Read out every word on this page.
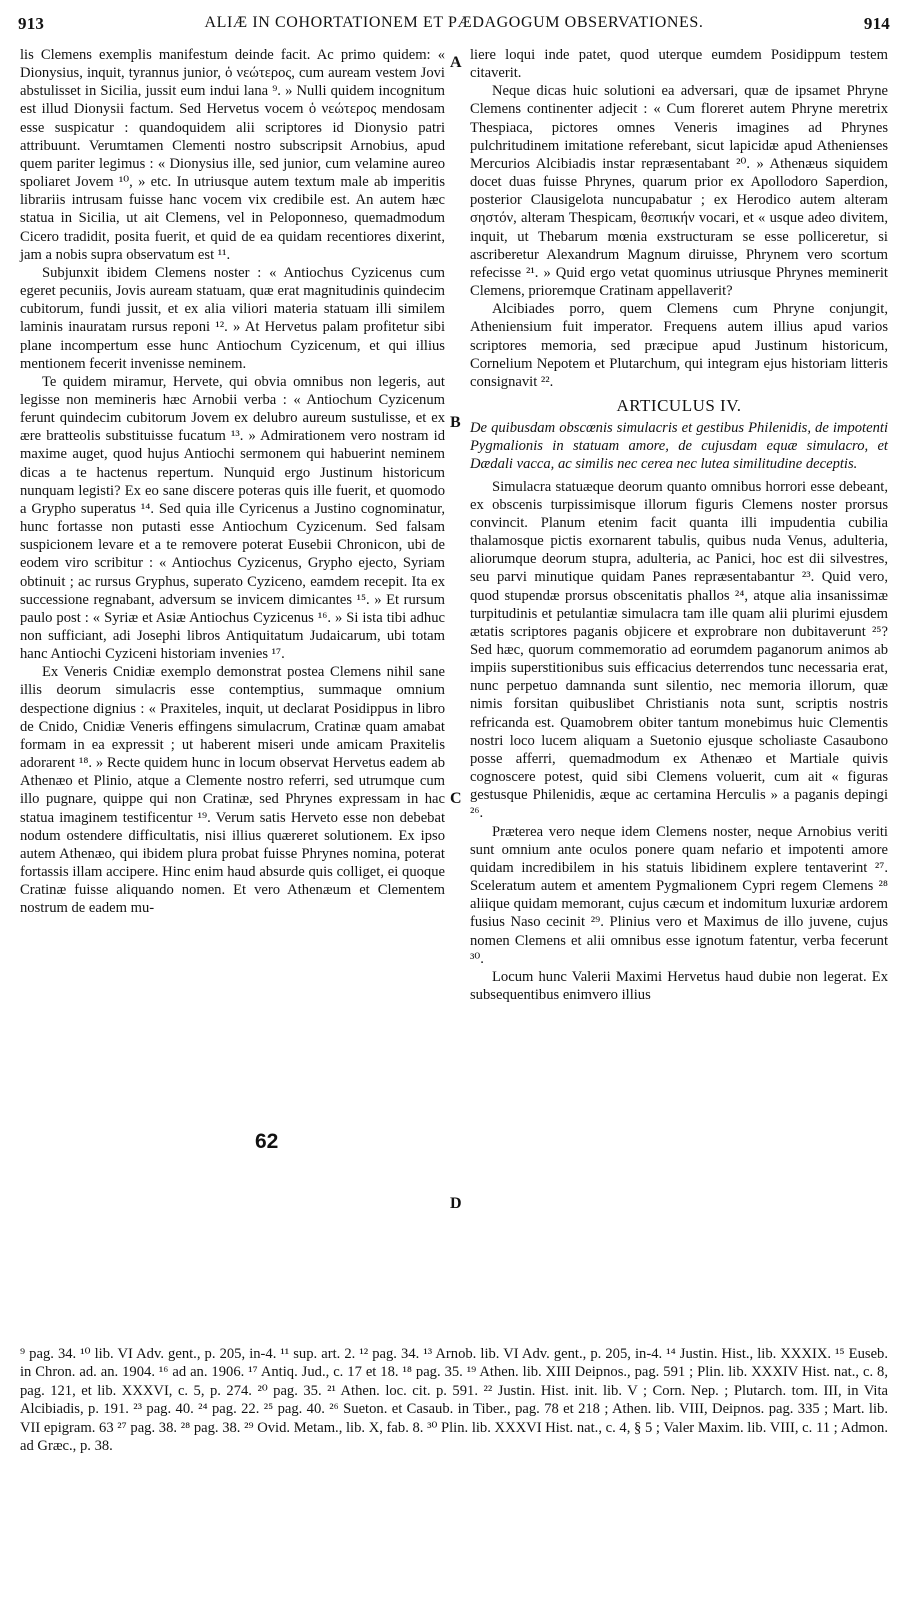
913	ALIÆ IN COHORTATIONEM ET PÆDAGOGUM OBSERVATIONES.	914

lis Clemens exemplis manifestum deinde facit. Ac primo quidem: « Dionysius, inquit, tyrannus junior, ὁ νεώτερος, cum auream vestem Jovi abstulisset in Sicilia, jussit eum indui lana ⁹. » Nulli quidem incognitum est illud Dionysii factum. Sed Hervetus vocem ὁ νεώτερος mendosam esse suspicatur : quandoquidem alii scriptores id Dionysio patri attribuunt. Verumtamen Clementi nostro subscripsit Arnobius, apud quem pariter legimus : « Dionysius ille, sed junior, cum velamine aureo spoliaret Jovem ¹⁰, » etc. In utriusque autem textum male ab imperitis librariis intrusam fuisse hanc vocem vix credibile est. An autem hæc statua in Sicilia, ut ait Clemens, vel in Peloponneso, quemadmodum Cicero tradidit, posita fuerit, et quid de ea quidam recentiores dixerint, jam a nobis supra observatum est ¹¹.

Subjunxit ibidem Clemens noster : « Antiochus Cyzicenus cum egeret pecuniis, Jovis auream statuam, quæ erat magnitudinis quindecim cubitorum, fundi jussit, et ex alia viliori materia statuam illi similem laminis inauratam rursus reponi ¹². » At Hervetus palam profitetur sibi plane incompertum esse hunc Antiochum Cyzicenum, et qui illius mentionem fecerit invenisse neminem.

Te quidem miramur, Hervete, qui obvia omnibus non legeris, aut legisse non memineris hæc Arnobii verba : « Antiochum Cyzicenum ferunt quindecim cubitorum Jovem ex delubro aureum sustulisse, et ex ære bratteolis substituisse fucatum ¹³. » Admirationem vero nostram id maxime auget, quod hujus Antiochi sermonem qui habuerint neminem dicas a te hactenus repertum. Nunquid ergo Justinum historicum nunquam legisti? Ex eo sane discere poteras quis ille fuerit, et quomodo a Grypho superatus ¹⁴. Sed quia ille Cyricenus a Justino cognominatur, hunc fortasse non putasti esse Antiochum Cyzicenum. Sed falsam suspicionem levare et a te removere poterat Eusebii Chronicon, ubi de eodem viro scribitur : « Antiochus Cyzicenus, Grypho ejecto, Syriam obtinuit ; ac rursus Gryphus, superato Cyziceno, eamdem recepit. Ita ex successione regnabant, adversum se invicem dimicantes ¹⁵. » Et rursum paulo post : « Syriæ et Asiæ Antiochus Cyzicenus ¹⁶. » Si ista tibi adhuc non sufficiant, adi Josephi libros Antiquitatum Judaicarum, ubi totam hanc Antiochi Cyziceni historiam invenies ¹⁷.

Ex Veneris Cnidiæ exemplo demonstrat postea Clemens nihil sane illis deorum simulacris esse contemptius, summaque omnium despectione dignius : « Praxiteles, inquit, ut declarat Posidippus in libro de Cnido, Cnidiæ Veneris effingens simulacrum, Cratinæ quam amabat formam in ea expressit ; ut haberent miseri unde amicam Praxitelis adorarent ¹⁸. » Recte quidem hunc in locum observat Hervetus eadem ab Athenæo et Plinio, atque a Clemente nostro referri, sed utrumque cum illo pugnare, quippe qui non Cratinæ, sed Phrynes expressam in hac statua imaginem testificentur ¹⁹. Verum satis Herveto esse non debebat nodum ostendere difficultatis, nisi illius quæreret solutionem. Ex ipso autem Athenæo, qui ibidem plura probat fuisse Phrynes nomina, poterat fortassis illam accipere. Hinc enim haud absurde quis colliget, ei quoque Cratinæ fuisse aliquando nomen. Et vero Athenæum et Clementem nostrum de eadem mu-

A
B
C
D
62

liere loqui inde patet, quod uterque eumdem Posidippum testem citaverit.

Neque dicas huic solutioni ea adversari, quæ de ipsamet Phryne Clemens continenter adjecit : « Cum floreret autem Phryne meretrix Thespiaca, pictores omnes Veneris imagines ad Phrynes pulchritudinem imitatione referebant, sicut lapicidæ apud Athenienses Mercurios Alcibiadis instar repræsentabant ²⁰. » Athenæus siquidem docet duas fuisse Phrynes, quarum prior ex Apollodoro Saperdion, posterior Clausigelota nuncupabatur ; ex Herodico autem alteram σηστόν, alteram Thespicam, θεσπικήν vocari, et « usque adeo divitem, inquit, ut Thebarum mœnia exstructuram se esse polliceretur, si ascriberetur Alexandrum Magnum diruisse, Phrynem vero scortum refecisse ²¹. » Quid ergo vetat quominus utriusque Phrynes meminerit Clemens, prioremque Cratinam appellaverit?

Alcibiades porro, quem Clemens cum Phryne conjungit, Atheniensium fuit imperator. Frequens autem illius apud varios scriptores memoria, sed præcipue apud Justinum historicum, Cornelium Nepotem et Plutarchum, qui integram ejus historiam litteris consignavit ²².

ARTICULUS IV.

De quibusdam obscœnis simulacris et gestibus Philenidis, de impotenti Pygmalionis in statuam amore, de cujusdam equæ simulacro, et Dædali vacca, ac similis nec cerea nec lutea similitudine deceptis.

Simulacra statuæque deorum quanto omnibus horrori esse debeant, ex obscenis turpissimisque illorum figuris Clemens noster prorsus convincit. Planum etenim facit quanta illi impudentia cubilia thalamosque pictis exornarent tabulis, quibus nuda Venus, adulteria, aliorumque deorum stupra, adulteria, ac Panici, hoc est dii silvestres, seu parvi minutique quidam Panes repræsentabantur ²³. Quid vero, quod stupendæ prorsus obscenitatis phallos ²⁴, atque alia insanissimæ turpitudinis et petulantiæ simulacra tam ille quam alii plurimi ejusdem ætatis scriptores paganis objicere et exprobrare non dubitaverunt ²⁵? Sed hæc, quorum commemoratio ad eorumdem paganorum animos ab impiis superstitionibus suis efficacius deterrendos tunc necessaria erat, nunc perpetuo damnanda sunt silentio, nec memoria illorum, quæ nimis forsitan quibuslibet Christianis nota sunt, scriptis nostris refricanda est. Quamobrem obiter tantum monebimus huic Clementis nostri loco lucem aliquam a Suetonio ejusque scholiaste Casaubono posse afferri, quemadmodum ex Athenæo et Martiale quivis cognoscere potest, quid sibi Clemens voluerit, cum ait « figuras gestusque Philenidis, æque ac certamina Herculis » a paganis depingi ²⁶.

Præterea vero neque idem Clemens noster, neque Arnobius veriti sunt omnium ante oculos ponere quam nefario et impotenti amore quidam incredibilem in his statuis libidinem explere tentaverint ²⁷. Sceleratum autem et amentem Pygmalionem Cypri regem Clemens ²⁸ aliique quidam memorant, cujus cæcum et indomitum luxuriæ ardorem fusius Naso cecinit ²⁹. Plinius vero et Maximus de illo juvene, cujus nomen Clemens et alii omnibus esse ignotum fatentur, verba fecerunt ³⁰.

Locum hunc Valerii Maximi Hervetus haud dubie non legerat. Ex subsequentibus enimvero illius

⁹ pag. 34. ¹⁰ lib. VI Adv. gent., p. 205, in-4. ¹¹ sup. art. 2. ¹² pag. 34. ¹³ Arnob. lib. VI Adv. gent., p. 205, in-4. ¹⁴ Justin. Hist., lib. XXXIX. ¹⁵ Euseb. in Chron. ad. an. 1904. ¹⁶ ad an. 1906. ¹⁷ Antiq. Jud., c. 17 et 18. ¹⁸ pag. 35. ¹⁹ Athen. lib. XIII Deipnos., pag. 591 ; Plin. lib. XXXIV Hist. nat., c. 8, pag. 121, et lib. XXXVI, c. 5, p. 274. ²⁰ pag. 35. ²¹ Athen. loc. cit. p. 591. ²² Justin. Hist. init. lib. V ; Corn. Nep. ; Plutarch. tom. III, in Vita Alcibiadis, p. 191. ²³ pag. 40. ²⁴ pag. 22. ²⁵ pag. 40. ²⁶ Sueton. et Casaub. in Tiber., pag. 78 et 218 ; Athen. lib. VIII, Deipnos. pag. 335 ; Mart. lib. VII epigram. 63 ²⁷ pag. 38. ²⁸ pag. 38. ²⁹ Ovid. Metam., lib. X, fab. 8. ³⁰ Plin. lib. XXXVI Hist. nat., c. 4, § 5 ; Valer Maxim. lib. VIII, c. 11 ; Admon. ad Græc., p. 38.
